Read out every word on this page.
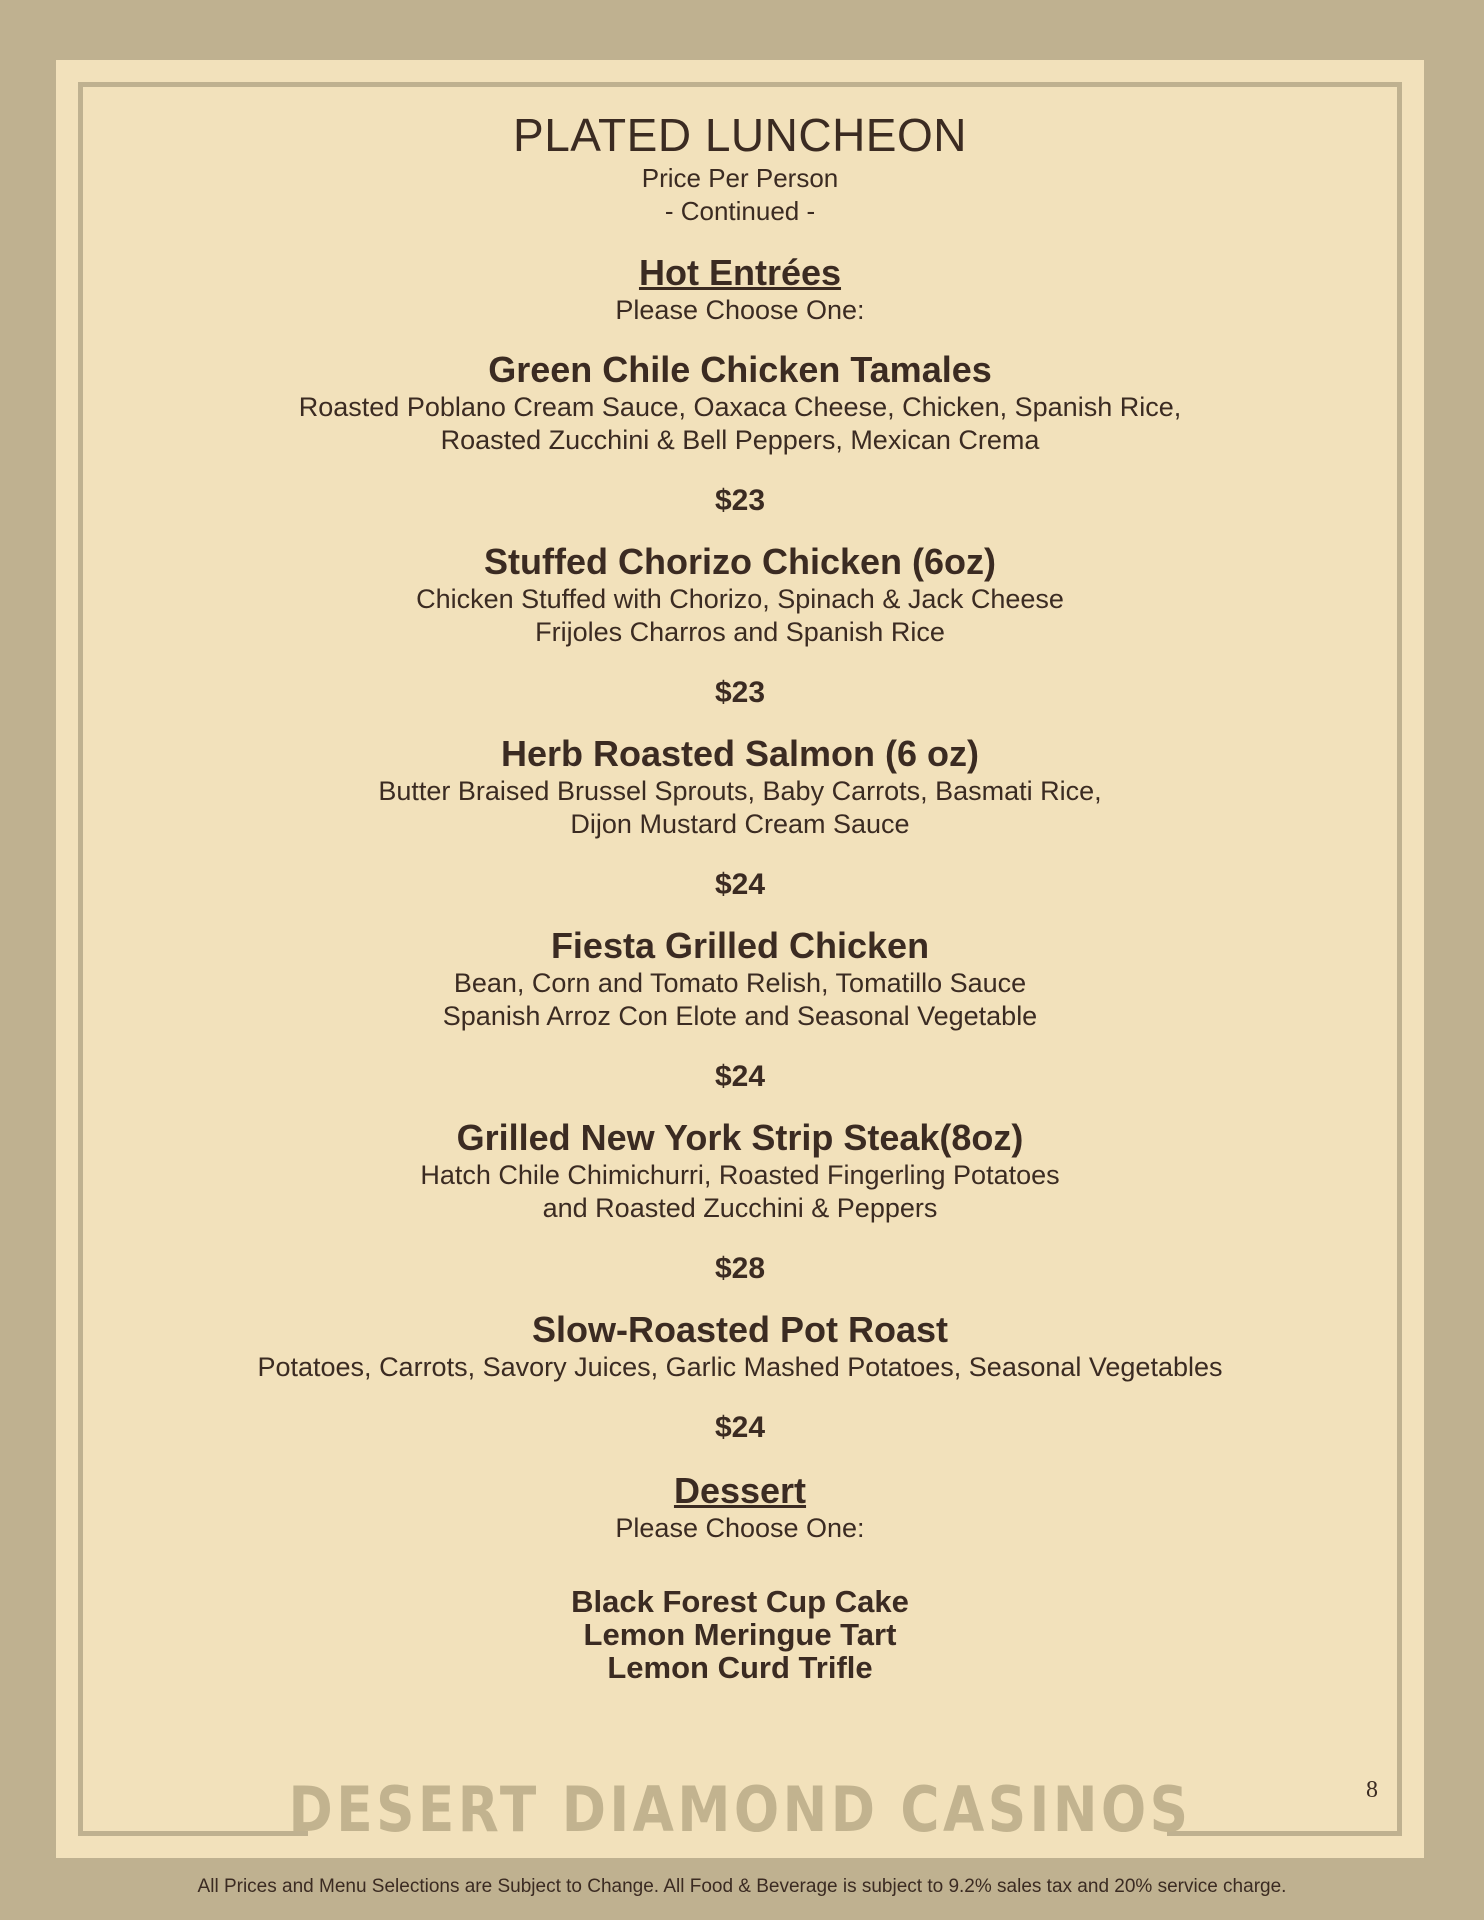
PLATED LUNCHEON
Price Per Person
- Continued -
Hot Entrées
Please Choose One:
Green Chile Chicken Tamales
Roasted Poblano Cream Sauce, Oaxaca Cheese, Chicken, Spanish Rice,
Roasted Zucchini & Bell Peppers, Mexican Crema
$23
Stuffed Chorizo Chicken (6oz)
Chicken Stuffed with Chorizo, Spinach & Jack Cheese
Frijoles Charros and Spanish Rice
$23
Herb Roasted Salmon (6 oz)
Butter Braised Brussel Sprouts, Baby Carrots, Basmati Rice,
Dijon Mustard Cream Sauce
$24
Fiesta Grilled Chicken
Bean, Corn and Tomato Relish, Tomatillo Sauce
Spanish Arroz Con Elote and Seasonal Vegetable
$24
Grilled New York Strip Steak(8oz)
Hatch Chile Chimichurri, Roasted Fingerling Potatoes
and Roasted Zucchini & Peppers
$28
Slow-Roasted Pot Roast
Potatoes, Carrots, Savory Juices, Garlic Mashed Potatoes, Seasonal Vegetables
$24
Dessert
Please Choose One:
Black Forest Cup Cake
Lemon Meringue Tart
Lemon Curd Trifle
DESERT DIAMOND CASINOS	8
All Prices and Menu Selections are Subject to Change. All Food & Beverage is subject to 9.2% sales tax and 20% service charge.
